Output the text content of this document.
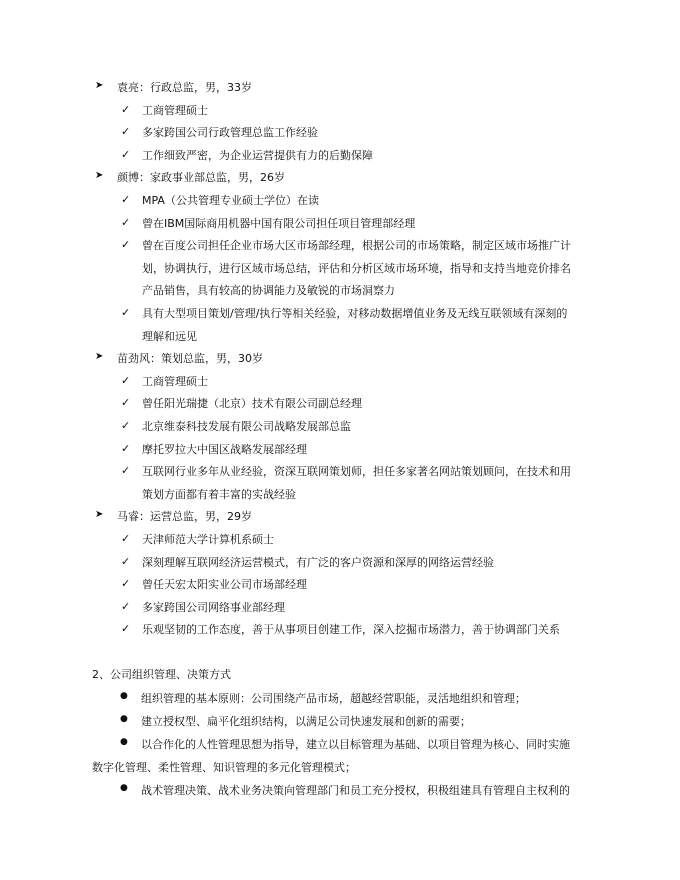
➤ 袁亮：行政总监，男，33岁
✓ 工商管理硕士
✓ 多家跨国公司行政管理总监工作经验
✓ 工作细致严密，为企业运营提供有力的后勤保障
➤ 颜博：家政事业部总监，男，26岁
✓ MPA（公共管理专业硕士学位）在读
✓ 曾在IBM国际商用机器中国有限公司担任项目管理部经理
✓ 曾在百度公司担任企业市场大区市场部经理，根据公司的市场策略，制定区域市场推广计
划，协调执行，进行区域市场总结，评估和分析区域市场环境，指导和支持当地竞价排名
产品销售，具有较高的协调能力及敏锐的市场洞察力
✓ 具有大型项目策划/管理/执行等相关经验，对移动数据增值业务及无线互联领域有深刻的
理解和远见
➤ 苗劲风：策划总监，男，30岁
✓ 工商管理硕士
✓ 曾任阳光瑞捷（北京）技术有限公司副总经理
✓ 北京维泰科技发展有限公司战略发展部总监
✓ 摩托罗拉大中国区战略发展部经理
✓ 互联网行业多年从业经验，资深互联网策划师，担任多家著名网站策划顾问，在技术和用
策划方面都有着丰富的实战经验
➤ 马睿：运营总监，男，29岁
✓ 天津师范大学计算机系硕士
✓ 深刻理解互联网经济运营模式，有广泛的客户资源和深厚的网络运营经验
✓ 曾任天宏太阳实业公司市场部经理
✓ 多家跨国公司网络事业部经理
✓ 乐观坚韧的工作态度，善于从事项目创建工作，深入挖掘市场潜力，善于协调部门关系
2、公司组织管理、决策方式
● 组织管理的基本原则：公司围绕产品市场，超越经营职能，灵活地组织和管理；
● 建立授权型、扁平化组织结构，以满足公司快速发展和创新的需要；
● 以合作化的人性管理思想为指导，建立以目标管理为基础、以项目管理为核心、同时实施
数字化管理、柔性管理、知识管理的多元化管理模式；
● 战术管理决策、战术业务决策向管理部门和员工充分授权，积极组建具有管理自主权利的
